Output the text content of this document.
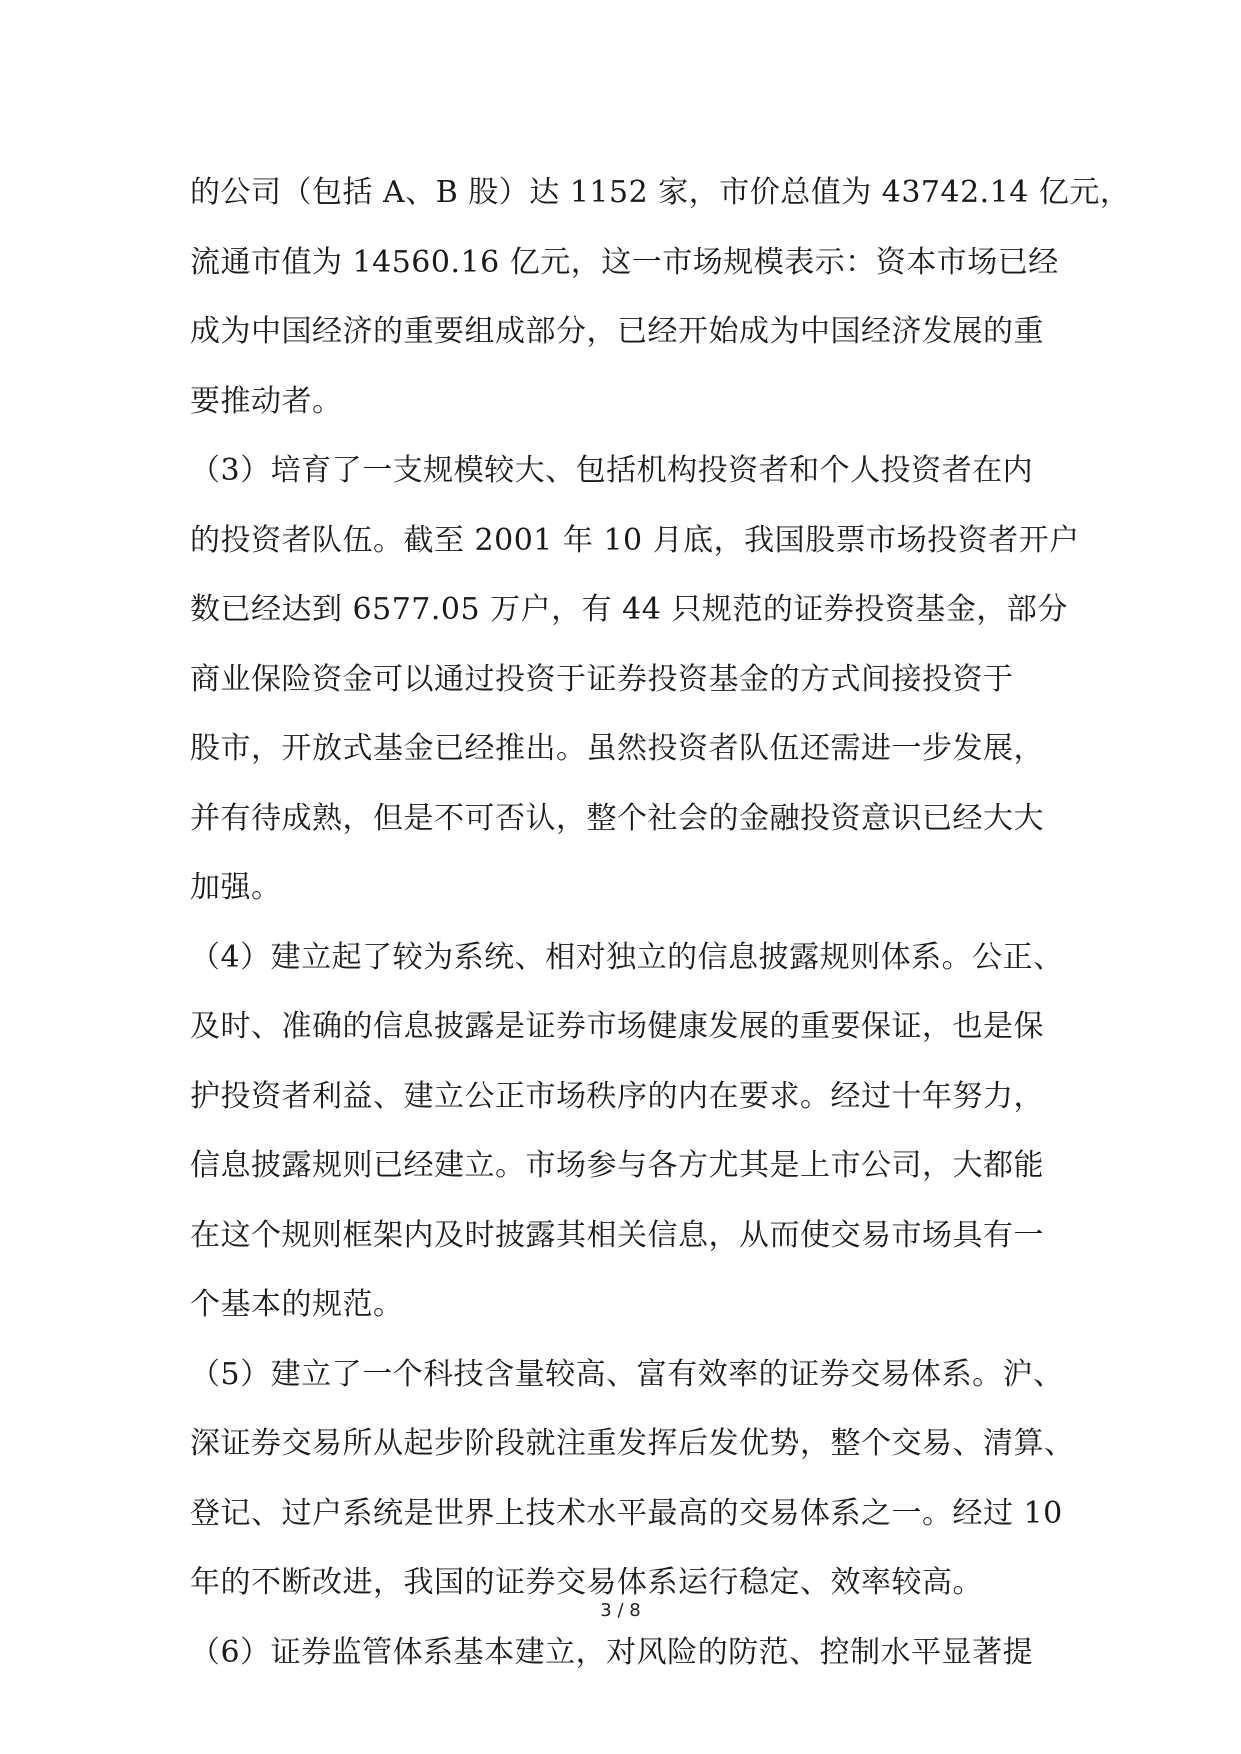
的公司（包括 A、B 股）达 1152 家，市价总值为 43742.14 亿元，
流通市值为 14560.16 亿元，这一市场规模表示：资本市场已经
成为中国经济的重要组成部分，已经开始成为中国经济发展的重
要推动者。
（3）培育了一支规模较大、包括机构投资者和个人投资者在内
的投资者队伍。截至 2001 年 10 月底，我国股票市场投资者开户
数已经达到 6577.05 万户，有 44 只规范的证券投资基金，部分
商业保险资金可以通过投资于证券投资基金的方式间接投资于
股市，开放式基金已经推出。虽然投资者队伍还需进一步发展，
并有待成熟，但是不可否认，整个社会的金融投资意识已经大大
加强。
（4）建立起了较为系统、相对独立的信息披露规则体系。公正、
及时、准确的信息披露是证券市场健康发展的重要保证，也是保
护投资者利益、建立公正市场秩序的内在要求。经过十年努力，
信息披露规则已经建立。市场参与各方尤其是上市公司，大都能
在这个规则框架内及时披露其相关信息，从而使交易市场具有一
个基本的规范。
（5）建立了一个科技含量较高、富有效率的证券交易体系。沪、
深证券交易所从起步阶段就注重发挥后发优势，整个交易、清算、
登记、过户系统是世界上技术水平最高的交易体系之一。经过 10
年的不断改进，我国的证券交易体系运行稳定、效率较高。
（6）证券监管体系基本建立，对风险的防范、控制水平显著提
3 / 8
